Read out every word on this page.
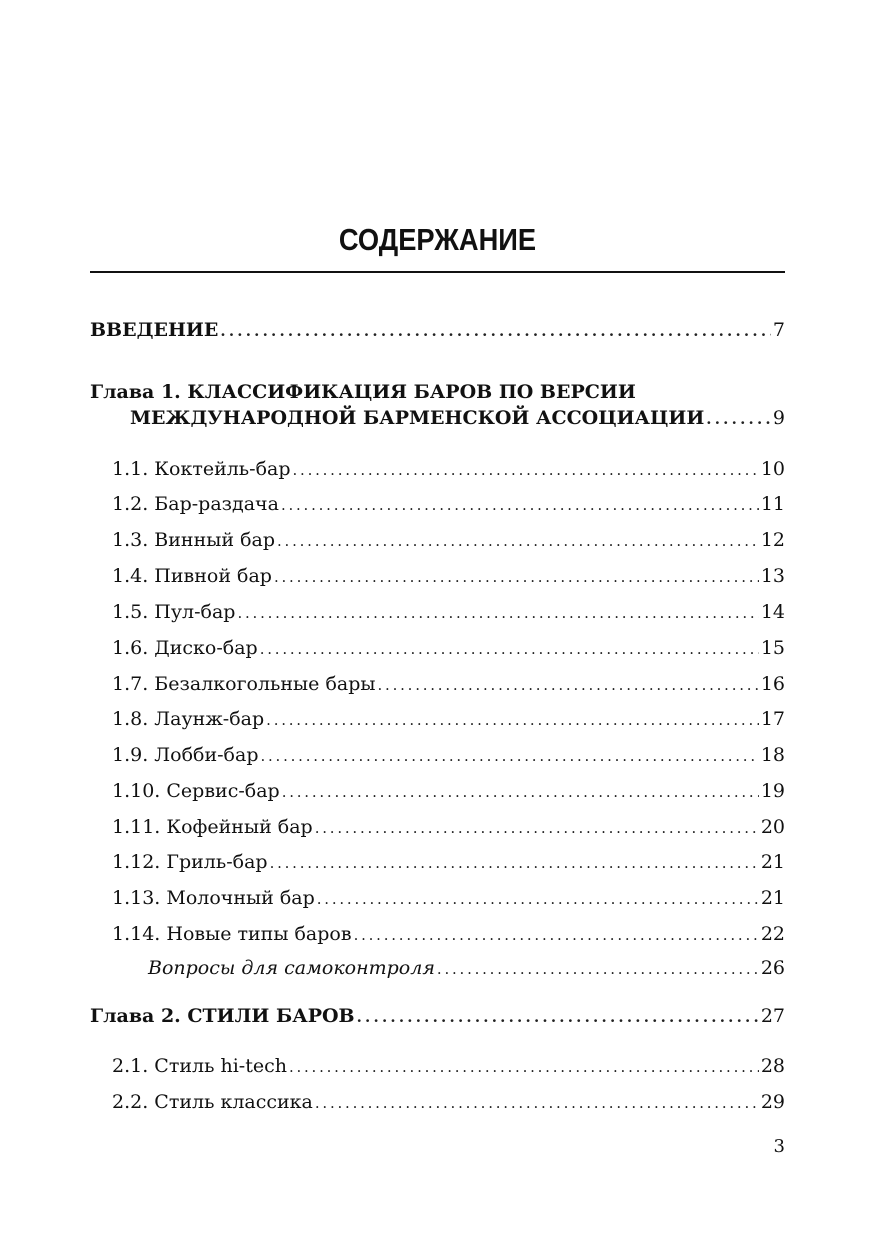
СОДЕРЖАНИЕ
ВВЕДЕНИЕ . . .	7
Глава 1. КЛАССИФИКАЦИЯ БАРОВ ПО ВЕРСИИ
МЕЖДУНАРОДНОЙ БАРМЕНСКОЙ АССОЦИАЦИИ . . .	9
1.1. Коктейль-бар . . .	10
1.2. Бар-раздача . . .	11
1.3. Винный бар . . .	12
1.4. Пивной бар . . .	13
1.5. Пул-бар . . .	14
1.6. Диско-бар . . .	15
1.7. Безалкогольные бары . . .	16
1.8. Лаунж-бар . . .	17
1.9. Лобби-бар . . .	18
1.10. Сервис-бар . . .	19
1.11. Кофейный бар . . .	20
1.12. Гриль-бар . . .	21
1.13. Молочный бар . . .	21
1.14. Новые типы баров . . .	22
Вопросы для самоконтроля . . .	26
Глава 2. СТИЛИ БАРОВ . . .	27
2.1. Стиль hi-tech . . .	28
2.2. Стиль классика . . .	29
3
